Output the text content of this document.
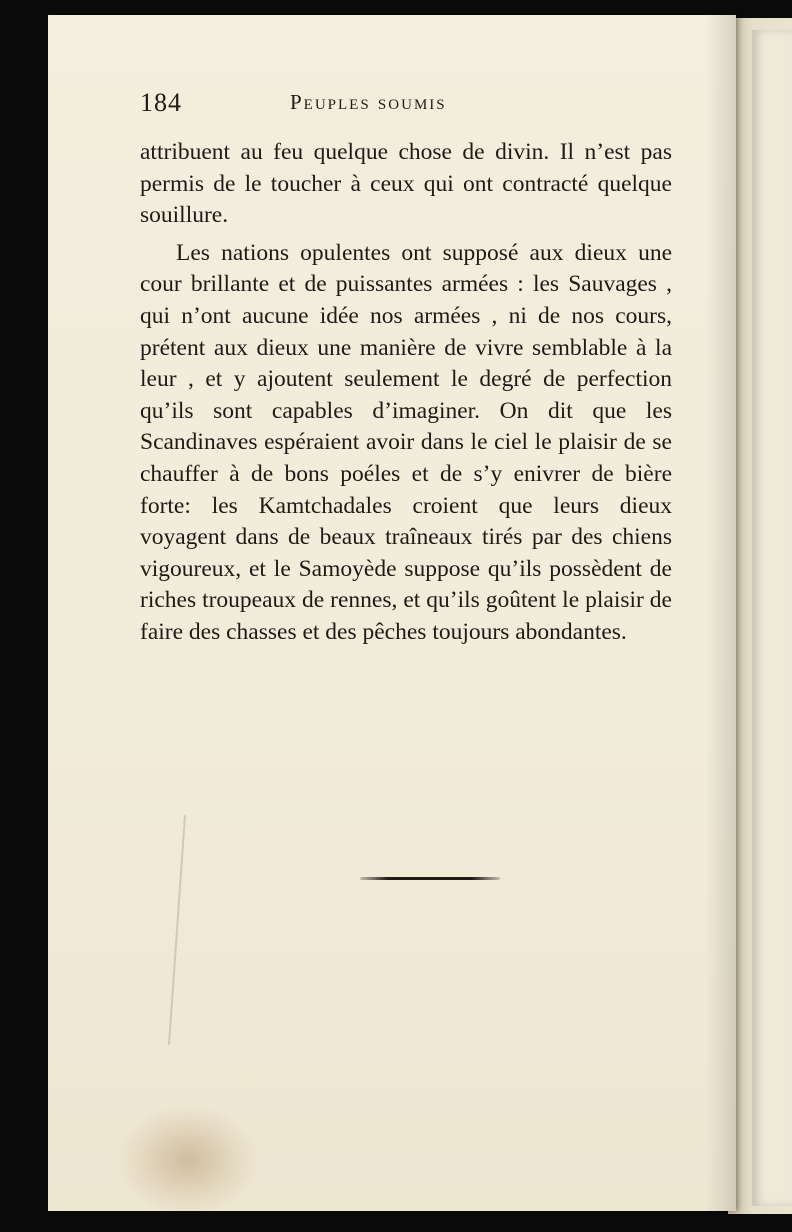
184	Peuples soumis

attribuent au feu quelque chose de divin. Il n’est pas permis de le toucher à ceux qui ont contracté quelque souillure.

Les nations opulentes ont supposé aux dieux une cour brillante et de puissantes armées : les Sauvages , qui n’ont aucune idée nos armées , ni de nos cours, prétent aux dieux une manière de vivre semblable à la leur , et y ajoutent seulement le degré de perfection qu’ils sont capables d’imaginer. On dit que les Scandinaves espéraient avoir dans le ciel le plaisir de se chauffer à de bons poéles et de s’y enivrer de bière forte: les Kamtchadales croient que leurs dieux voyagent dans de beaux traîneaux tirés par des chiens vigoureux, et le Samoyède suppose qu’ils possèdent de riches troupeaux de rennes, et qu’ils goûtent le plaisir de faire des chasses et des pêches toujours abondantes.
